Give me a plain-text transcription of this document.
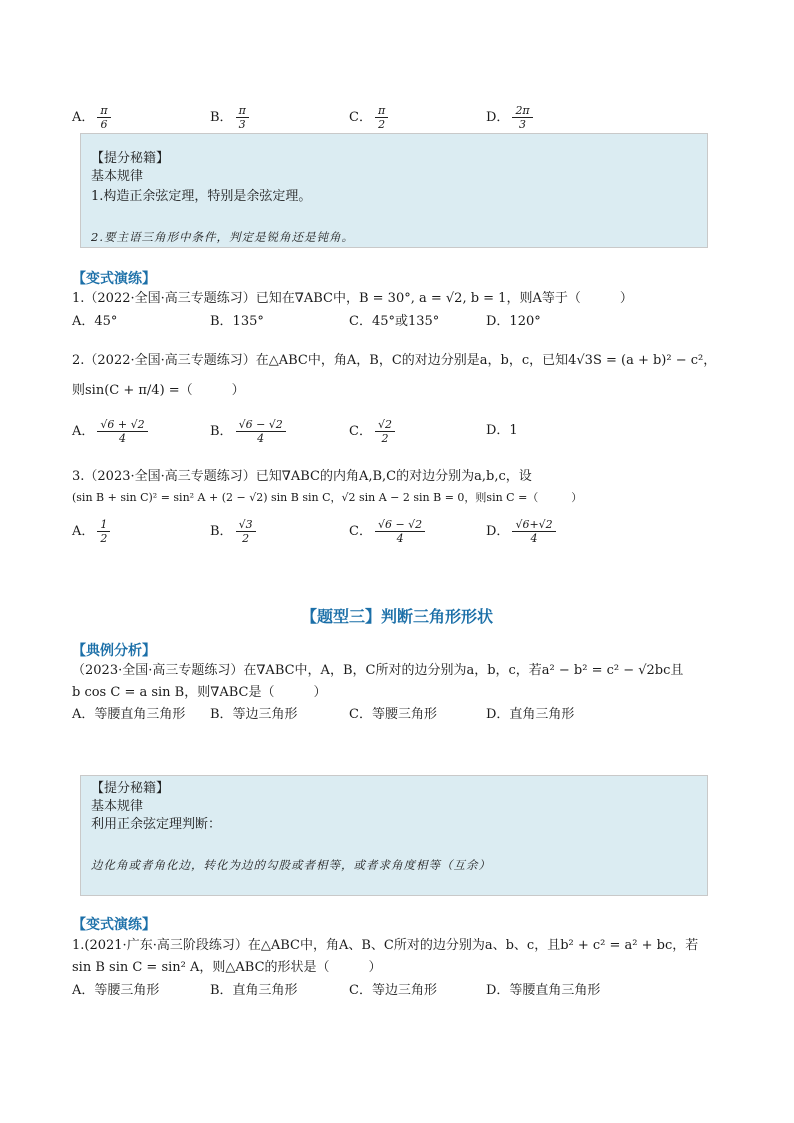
A． $\frac{\pi}{6}$	B． $\frac{\pi}{3}$	C． $\frac{\pi}{2}$	D． $\frac{2\pi}{3}$
【提分秘籍】
基本规律
1.构造正余弦定理，特别是余弦定理。
2.要主语三角形中条件，判定是锐角还是钝角。
【变式演练】
1.（2022·全国·高三专题练习）已知在∇ABC中，B = 30°, a = √2, b = 1，则A等于（　　　）
A．45°	B．135°	C．45°或135°	D．120°
2.（2022·全国·高三专题练习）在△ABC中，角A，B，C的对边分别是a，b，c，已知4√3S = (a + b)² − c²，
则sin(C + π/4) =（　　　）
A． $\frac{√6 + √2}{4}$	B． $\frac{√6 - √2}{4}$	C． $\frac{√2}{2}$	D．1
3.（2023·全国·高三专题练习）已知∇ABC的内角A,B,C的对边分别为a,b,c，设
(sin B + sin C)² = sin² A + (2 − √2) sin B sin C，√2 sin A − 2 sin B = 0，则sin C =（　　　）
A． $\frac{1}{2}$	B． $\frac{√3}{2}$	C． $\frac{√6 - √2}{4}$	D． $\frac{√6+√2}{4}$
【题型三】判断三角形形状
【典例分析】
（2023·全国·高三专题练习）在∇ABC中，A，B，C所对的边分别为a，b，c，若a² − b² = c² − √2bc且
b cos C = a sin B，则∇ABC是（　　　）
A．等腰直角三角形 B．等边三角形	C．等腰三角形	D．直角三角形
【提分秘籍】
基本规律
利用正余弦定理判断：
边化角或者角化边，转化为边的勾股或者相等，或者求角度相等（互余）
【变式演练】
1.(2021·广东·高三阶段练习）在△ABC中，角A、B、C所对的边分别为a、b、c，且b² + c² = a² + bc，若
sin B sin C = sin² A，则△ABC的形状是（　　　）
A．等腰三角形	B．直角三角形	C．等边三角形	D．等腰直角三角形
